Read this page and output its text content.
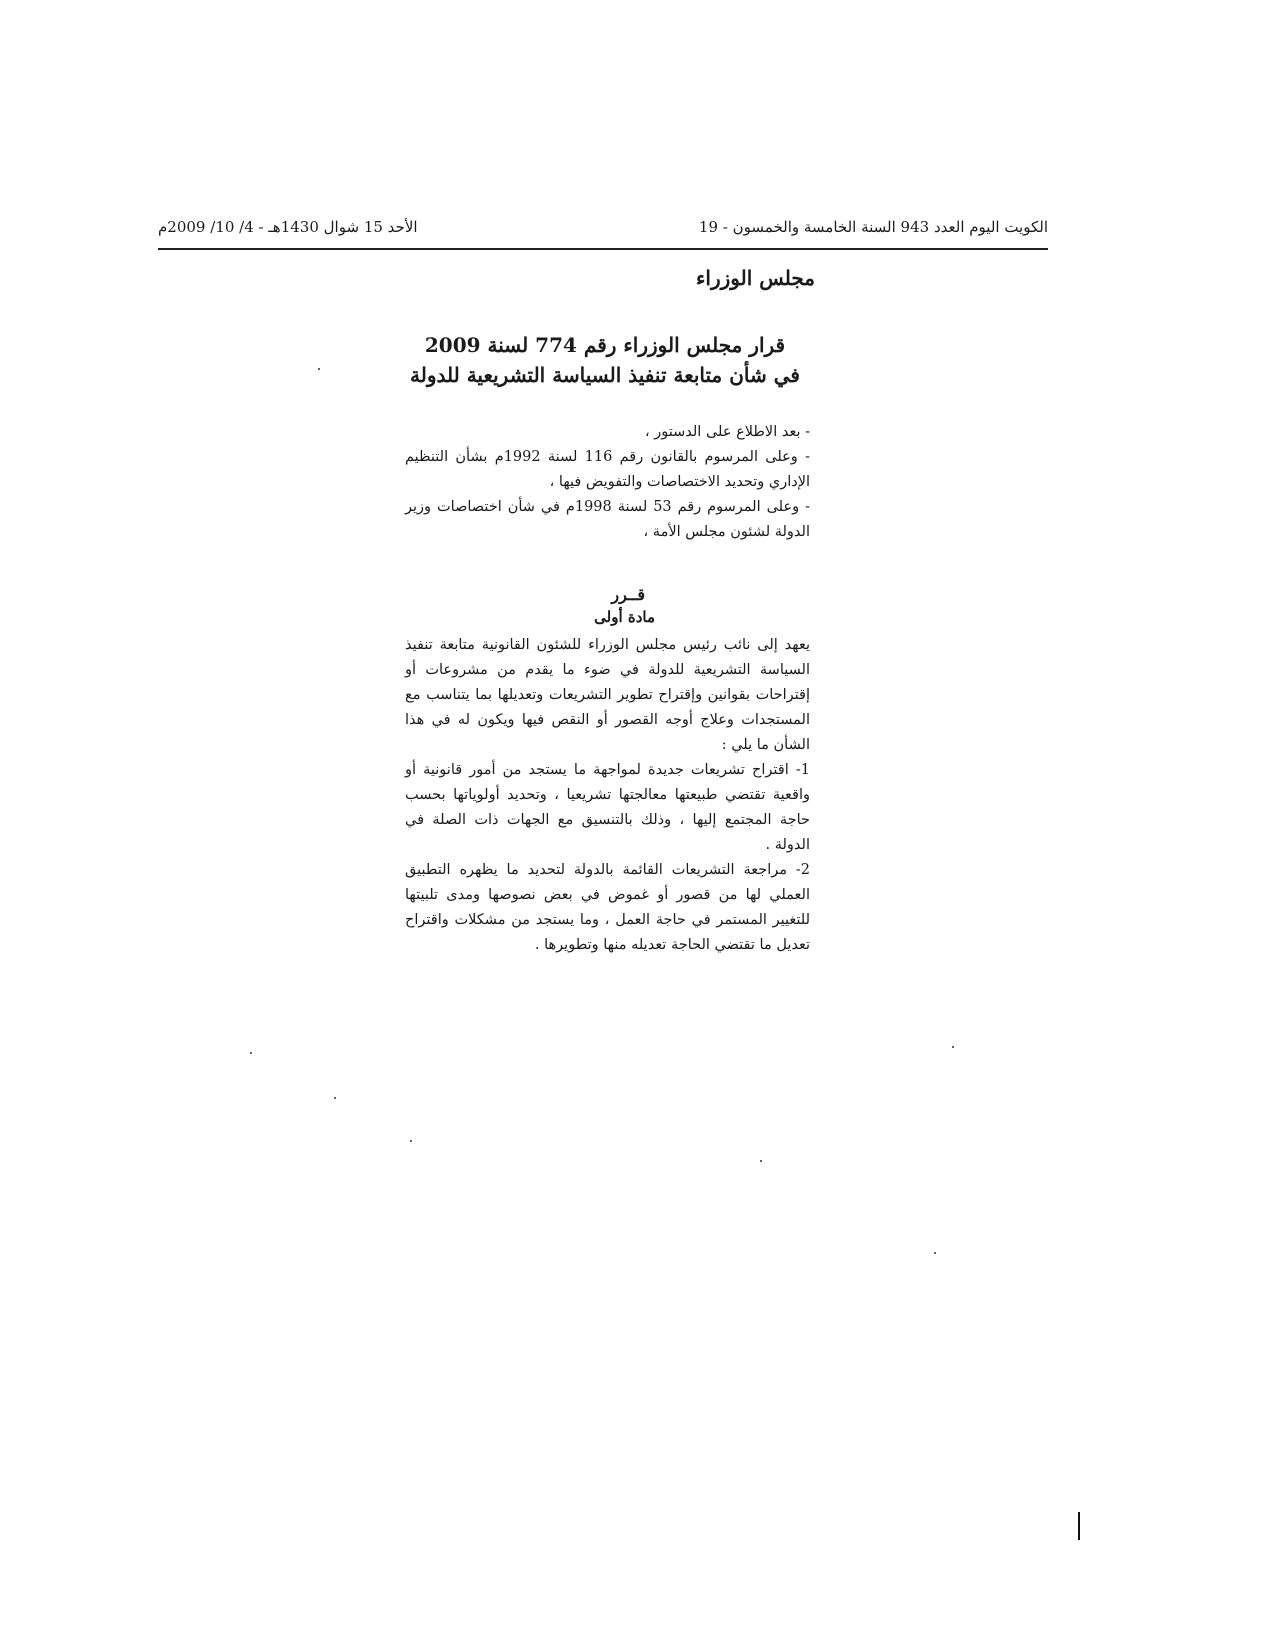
الكويت اليوم العدد 943 السنة الخامسة والخمسون - 19
الأحد 15 شوال 1430هـ - 4/ 10/ 2009م
مجلس الوزراء
قرار مجلس الوزراء رقم 774 لسنة 2009
في شأن متابعة تنفيذ السياسة التشريعية للدولة

- بعد الاطلاع على الدستور ،

- وعلى المرسوم بالقانون رقم 116 لسنة 1992م بشأن التنظيم الإداري وتحديد الاختصاصات والتفويض فيها ،

- وعلى المرسوم رقم 53 لسنة 1998م في شأن اختصاصات وزير الدولة لشئون مجلس الأمة ،

قــرر
مادة أولى

يعهد إلى نائب رئيس مجلس الوزراء للشئون القانونية متابعة تنفيذ السياسة التشريعية للدولة في ضوء ما يقدم من مشروعات أو إقتراحات بقوانين وإقتراح تطوير التشريعات وتعديلها بما يتناسب مع المستجدات وعلاج أوجه القصور أو النقص فيها ويكون له في هذا الشأن ما يلي :

1- اقتراح تشريعات جديدة لمواجهة ما يستجد من أمور قانونية أو واقعية تقتضي طبيعتها معالجتها تشريعيا ، وتحديد أولوياتها بحسب حاجة المجتمع إليها ، وذلك بالتنسيق مع الجهات ذات الصلة في الدولة .

2- مراجعة التشريعات القائمة بالدولة لتحديد ما يظهره التطبيق العملي لها من قصور أو غموض في بعض نصوصها ومدى تلبيتها للتغيير المستمر في حاجة العمل ، وما يستجد من مشكلات واقتراح تعديل ما تقتضي الحاجة تعديله منها وتطويرها .
